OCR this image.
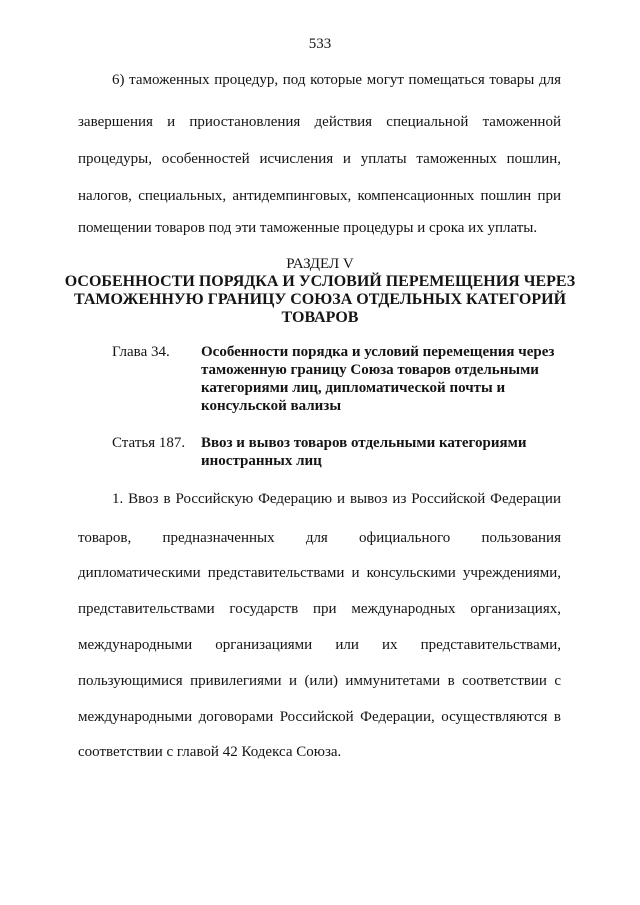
533
6) таможенных процедур, под которые могут помещаться товары для
завершения и приостановления действия специальной таможенной
процедуры, особенностей исчисления и уплаты таможенных пошлин,
налогов, специальных, антидемпинговых, компенсационных пошлин при
помещении товаров под эти таможенные процедуры и срока их уплаты.
РАЗДЕЛ V
ОСОБЕННОСТИ ПОРЯДКА И УСЛОВИЙ ПЕРЕМЕЩЕНИЯ ЧЕРЕЗ ТАМОЖЕННУЮ ГРАНИЦУ СОЮЗА ОТДЕЛЬНЫХ КАТЕГОРИЙ ТОВАРОВ
Глава 34. Особенности порядка и условий перемещения через таможенную границу Союза товаров отдельными категориями лиц, дипломатической почты и консульской вализы
Статья 187. Ввоз и вывоз товаров отдельными категориями иностранных лиц
1. Ввоз в Российскую Федерацию и вывоз из Российской Федерации
товаров, предназначенных для официального пользования
дипломатическими представительствами и консульскими учреждениями,
представительствами государств при международных организациях,
международными организациями или их представительствами,
пользующимися привилегиями и (или) иммунитетами в соответствии с
международными договорами Российской Федерации, осуществляются в
соответствии с главой 42 Кодекса Союза.
